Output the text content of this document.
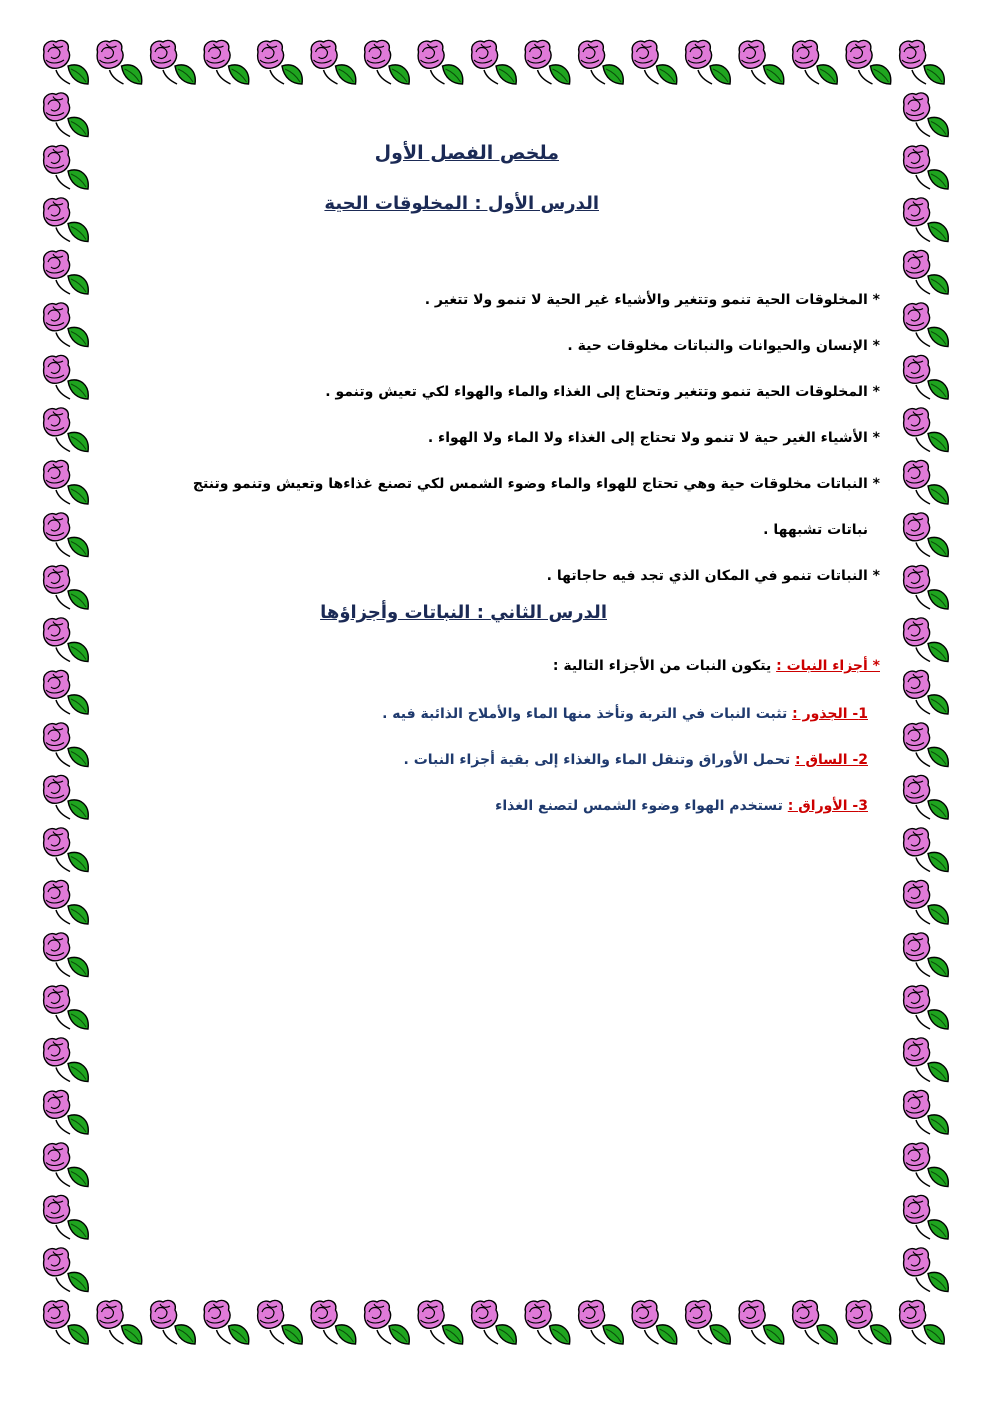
ملخص الفصل الأول
الدرس الأول : المخلوقات الحية
* المخلوقات الحية تنمو وتتغير والأشياء غير الحية لا تنمو ولا تتغير .
* الإنسان والحيوانات والنباتات مخلوقات حية .
* المخلوقات الحية تنمو وتتغير وتحتاج إلى الغذاء والماء والهواء لكي تعيش وتنمو .
* الأشياء الغير حية لا تنمو ولا تحتاج إلى الغذاء ولا الماء ولا الهواء .
* النباتات مخلوقات حية وهي تحتاج للهواء والماء وضوء الشمس لكي تصنع غذاءها وتعيش وتنمو وتنتج
نباتات تشبهها .
* النباتات تنمو في المكان الذي تجد فيه حاجاتها .
الدرس الثاني : النباتات وأجزاؤها
* أجزاء النبات : يتكون النبات من الأجزاء التالية :
1- الجذور : تثبت النبات في التربة وتأخذ منها الماء والأملاح الذائبة فيه .
2- الساق : تحمل الأوراق وتنقل الماء والغذاء إلى بقية أجزاء النبات .
3- الأوراق : تستخدم الهواء وضوء الشمس لتصنع الغذاء
